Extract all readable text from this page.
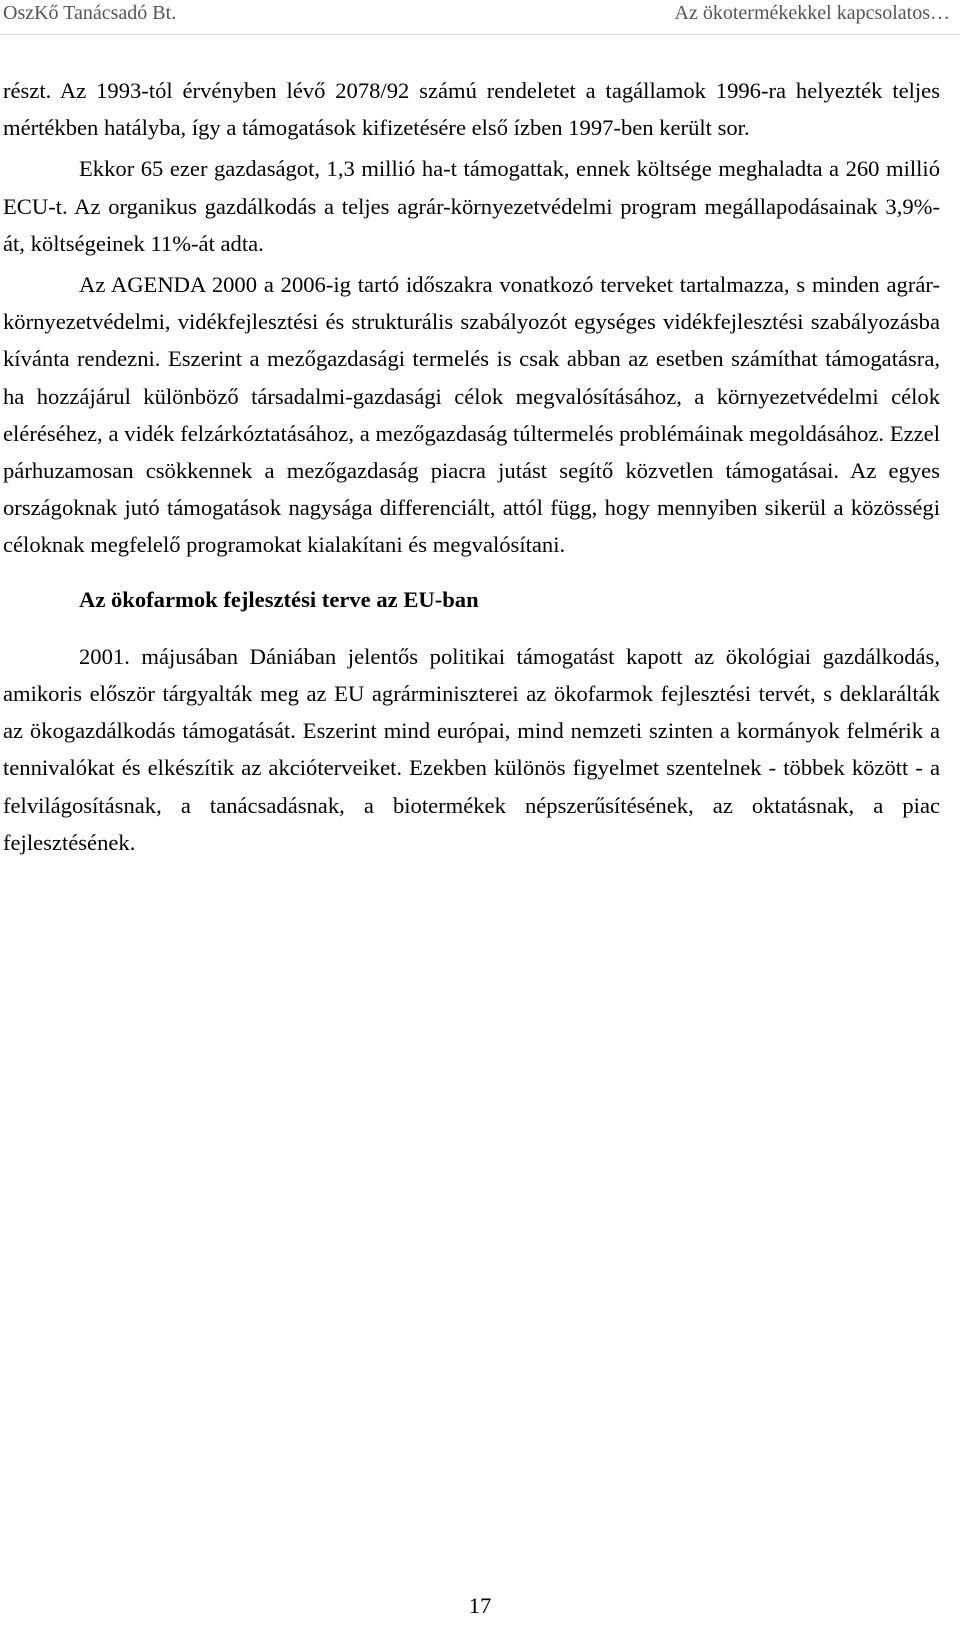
OszKő Tanácsadó Bt.	Az ökotermékekkel kapcsolatos…

részt. Az 1993-tól érvényben lévő 2078/92 számú rendeletet a tagállamok 1996-ra helyezték teljes mértékben hatályba, így a támogatások kifizetésére első ízben 1997-ben került sor.

Ekkor 65 ezer gazdaságot, 1,3 millió ha-t támogattak, ennek költsége meghaladta a 260 millió ECU-t. Az organikus gazdálkodás a teljes agrár-környezetvédelmi program megállapodásainak 3,9%-át, költségeinek 11%-át adta.

Az AGENDA 2000 a 2006-ig tartó időszakra vonatkozó terveket tartalmazza, s minden agrár-környezetvédelmi, vidékfejlesztési és strukturális szabályozót egységes vidékfejlesztési szabályozásba kívánta rendezni. Eszerint a mezőgazdasági termelés is csak abban az esetben számíthat támogatásra, ha hozzájárul különböző társadalmi-gazdasági célok megvalósításához, a környezetvédelmi célok eléréséhez, a vidék felzárkóztatásához, a mezőgazdaság túltermelés problémáinak megoldásához. Ezzel párhuzamosan csökkennek a mezőgazdaság piacra jutást segítő közvetlen támogatásai. Az egyes országoknak jutó támogatások nagysága differenciált, attól függ, hogy mennyiben sikerül a közösségi céloknak megfelelő programokat kialakítani és megvalósítani.

Az ökofarmok fejlesztési terve az EU-ban

2001. májusában Dániában jelentős politikai támogatást kapott az ökológiai gazdálkodás, amikoris először tárgyalták meg az EU agrárminiszterei az ökofarmok fejlesztési tervét, s deklarálták az ökogazdálkodás támogatását. Eszerint mind európai, mind nemzeti szinten a kormányok felmérik a tennivalókat és elkészítik az akcióterveiket. Ezekben különös figyelmet szentelnek - többek között - a felvilágosításnak, a tanácsadásnak, a biotermékek népszerűsítésének, az oktatásnak, a piac fejlesztésének.

17
